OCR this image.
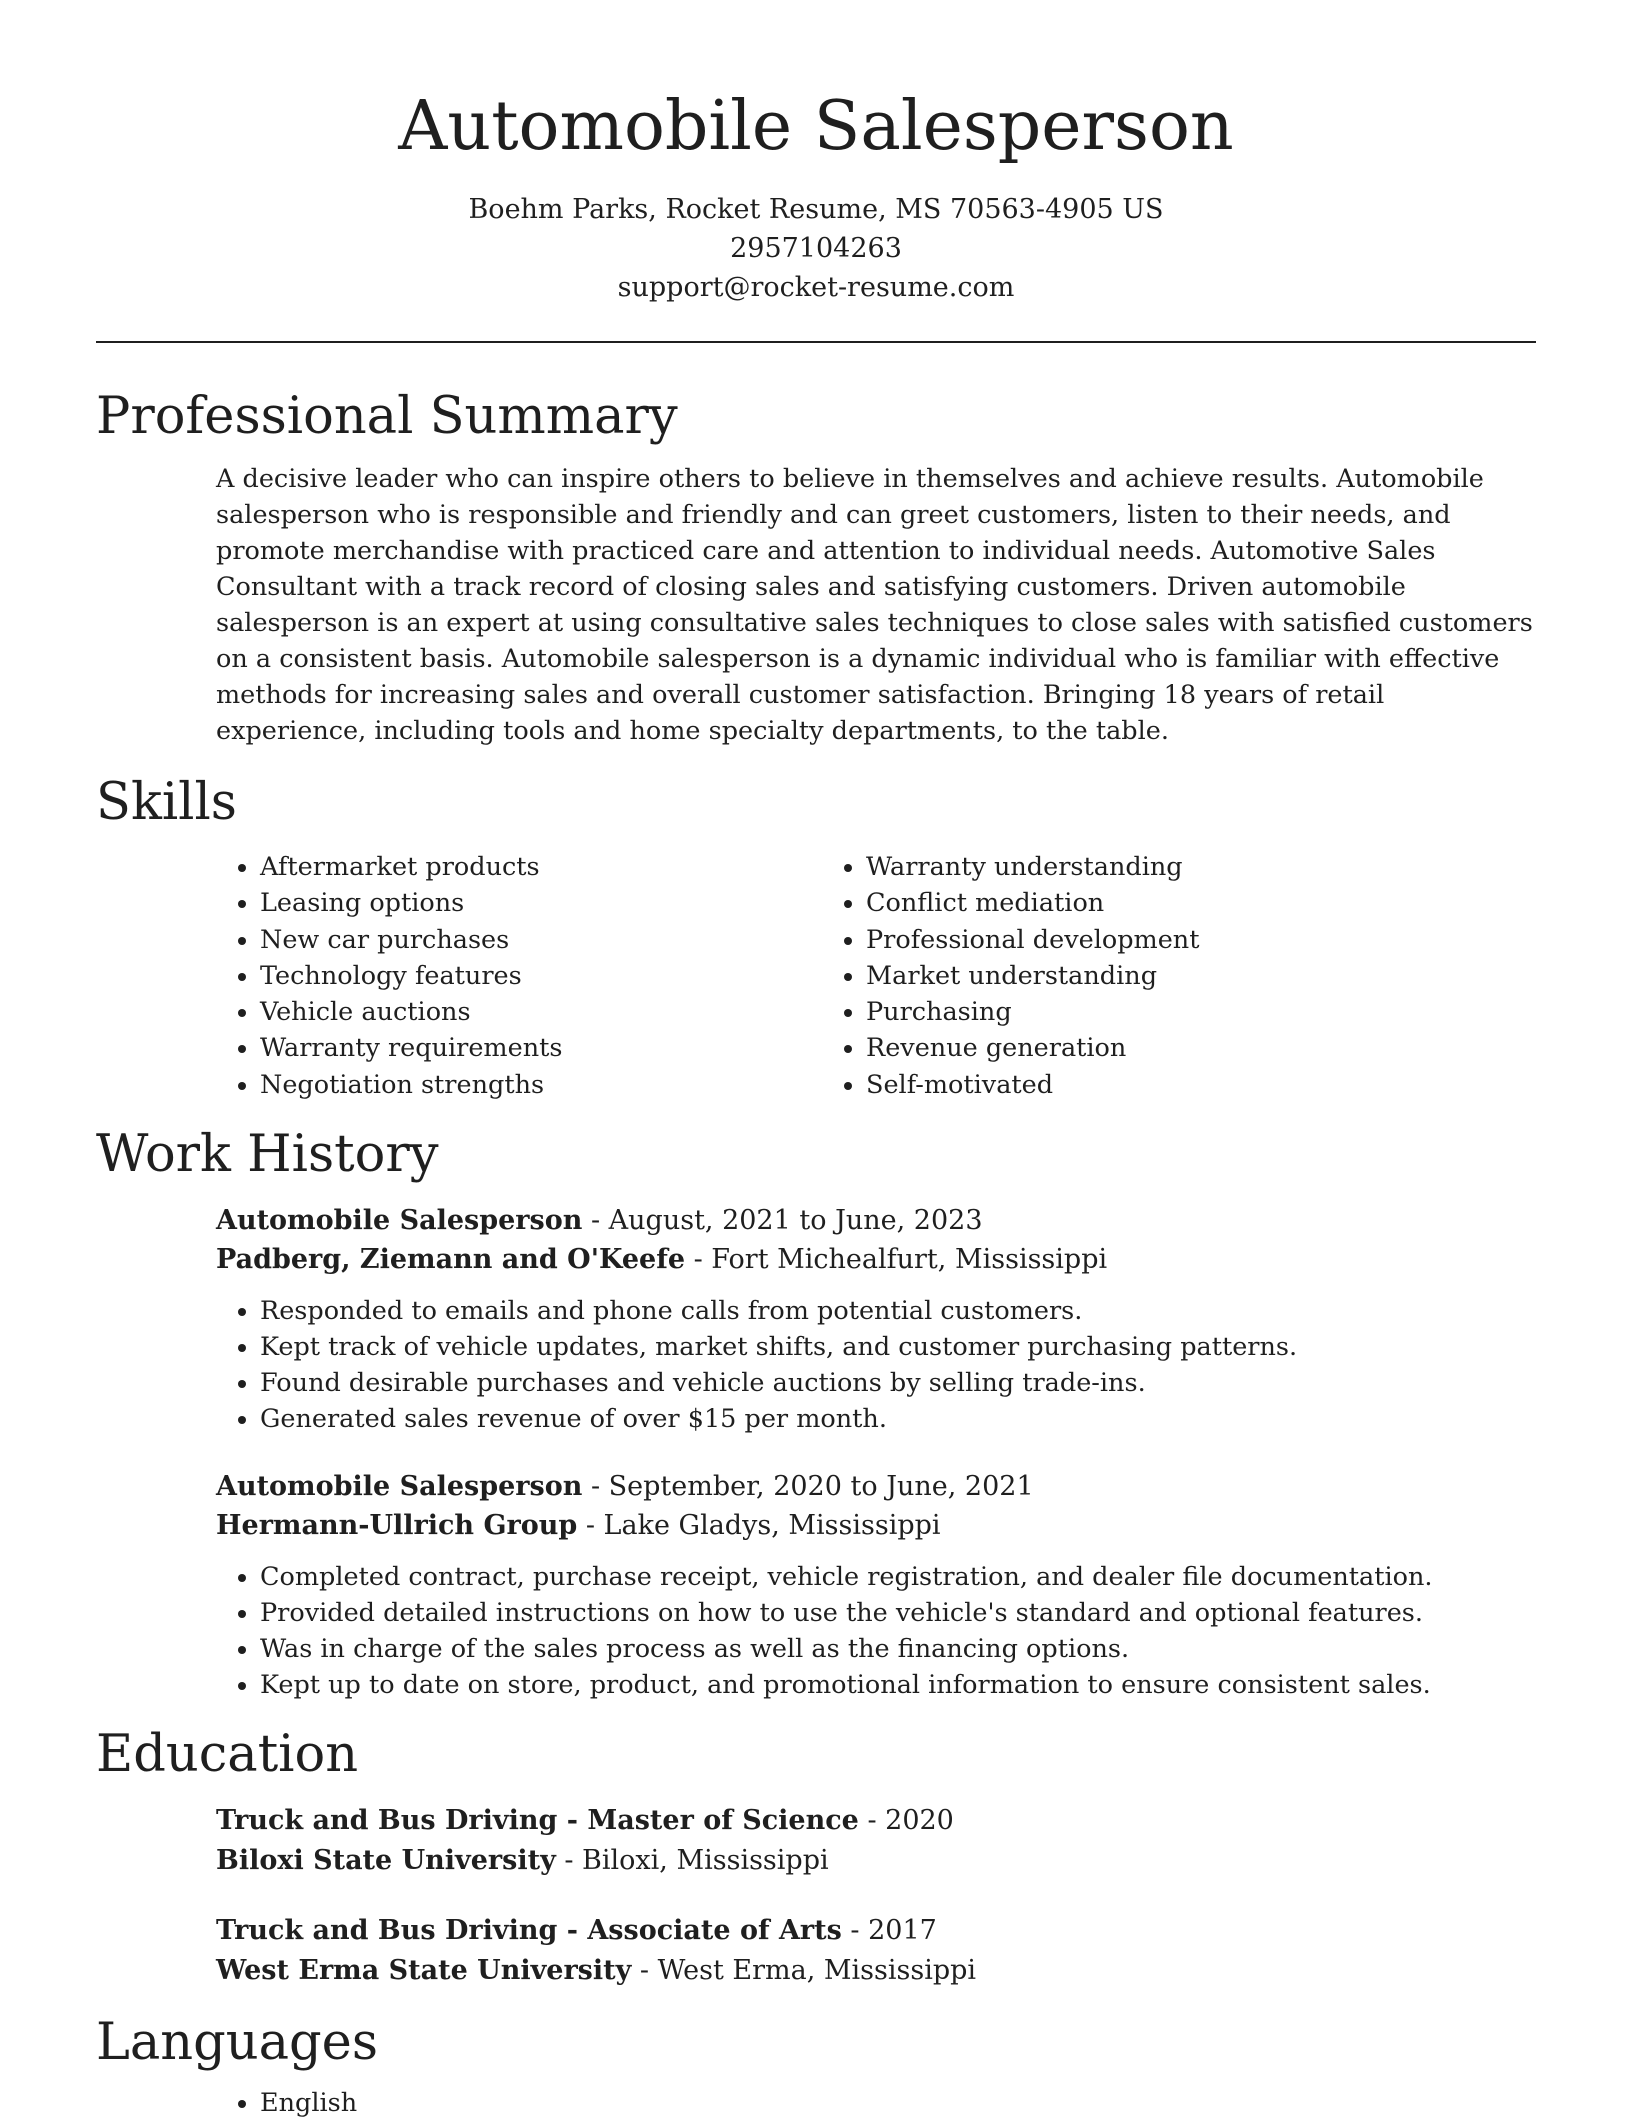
Automobile Salesperson
Boehm Parks, Rocket Resume, MS 70563-4905 US
2957104263
support@rocket-resume.com
Professional Summary

A decisive leader who can inspire others to believe in themselves and achieve results. Automobile salesperson who is responsible and friendly and can greet customers, listen to their needs, and promote merchandise with practiced care and attention to individual needs. Automotive Sales Consultant with a track record of closing sales and satisfying customers. Driven automobile salesperson is an expert at using consultative sales techniques to close sales with satisfied customers on a consistent basis. Automobile salesperson is a dynamic individual who is familiar with effective methods for increasing sales and overall customer satisfaction. Bringing 18 years of retail experience, including tools and home specialty departments, to the table.

Skills
• Aftermarket products
• Leasing options
• New car purchases
• Technology features
• Vehicle auctions
• Warranty requirements
• Negotiation strengths
• Warranty understanding
• Conflict mediation
• Professional development
• Market understanding
• Purchasing
• Revenue generation
• Self-motivated
Work History
Automobile Salesperson - August, 2021 to June, 2023
Padberg, Ziemann and O'Keefe - Fort Michealfurt, Mississippi
• Responded to emails and phone calls from potential customers.
• Kept track of vehicle updates, market shifts, and customer purchasing patterns.
• Found desirable purchases and vehicle auctions by selling trade-ins.
• Generated sales revenue of over $15 per month.
Automobile Salesperson - September, 2020 to June, 2021
Hermann-Ullrich Group - Lake Gladys, Mississippi
• Completed contract, purchase receipt, vehicle registration, and dealer file documentation.
• Provided detailed instructions on how to use the vehicle's standard and optional features.
• Was in charge of the sales process as well as the financing options.
• Kept up to date on store, product, and promotional information to ensure consistent sales.
Education
Truck and Bus Driving - Master of Science - 2020
Biloxi State University - Biloxi, Mississippi
Truck and Bus Driving - Associate of Arts - 2017
West Erma State University - West Erma, Mississippi
Languages
• English
